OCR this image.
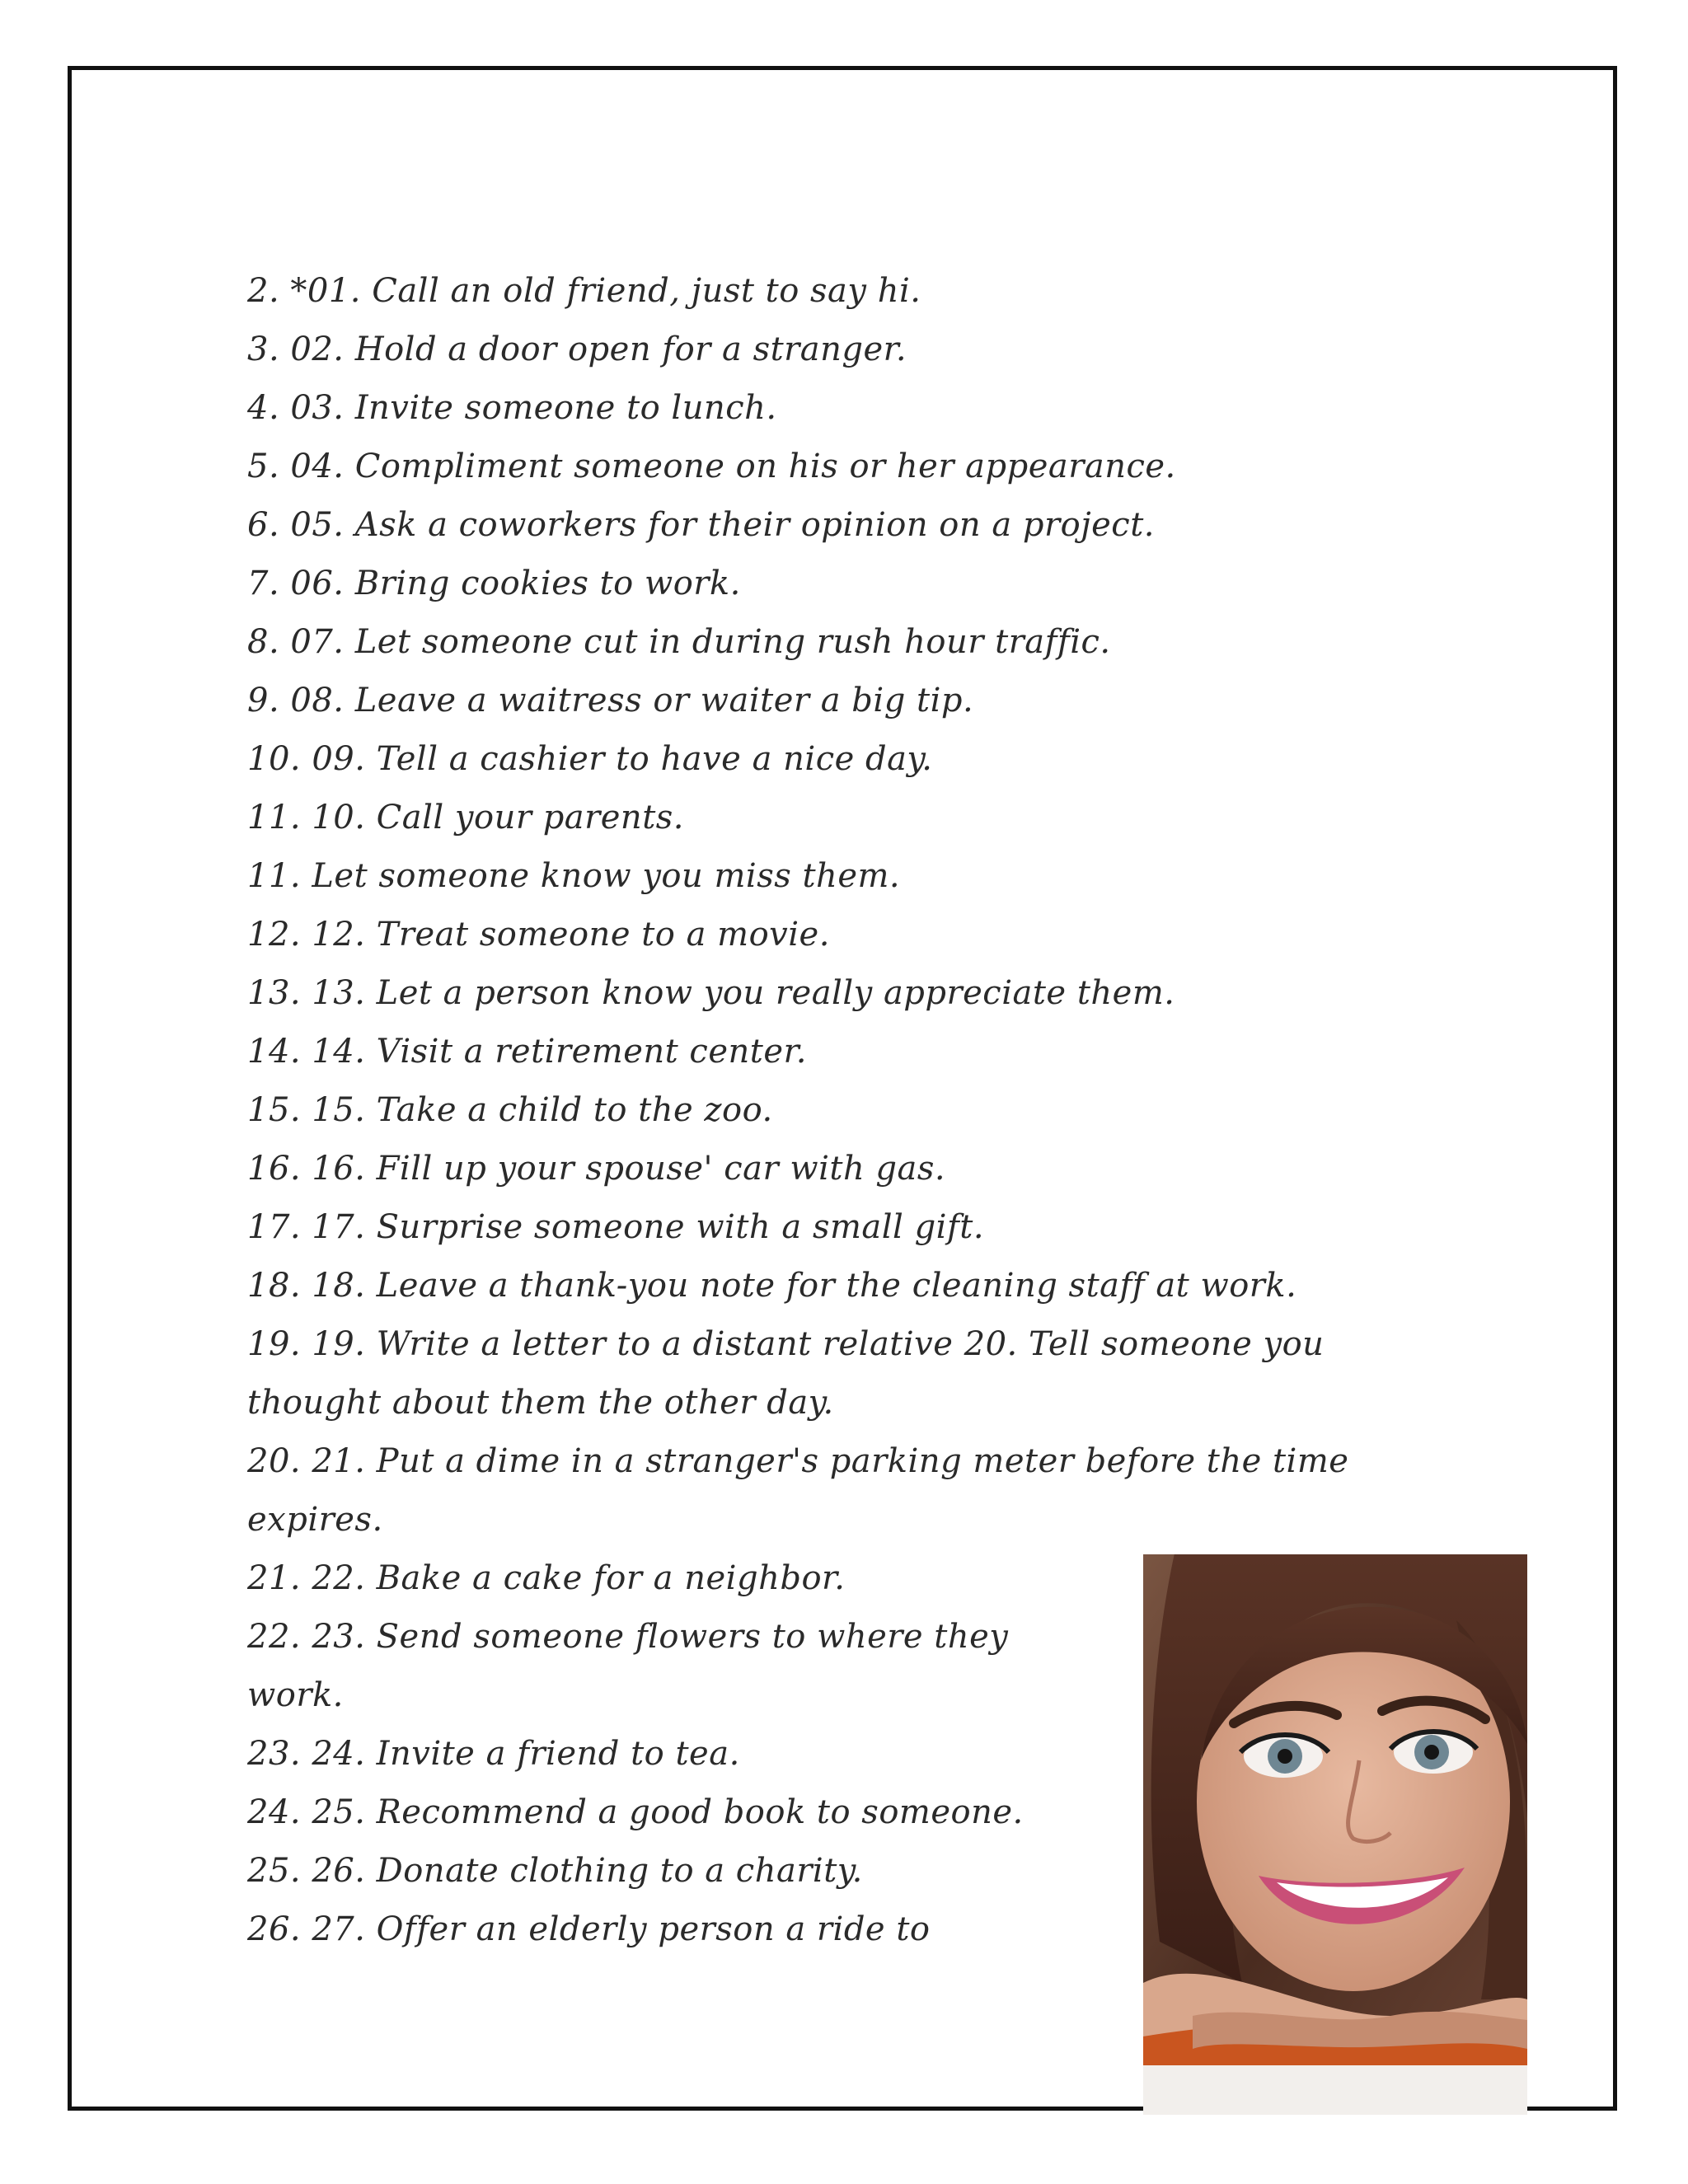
2. *01. Call an old friend, just to say hi.
3. 02. Hold a door open for a stranger.
4. 03. Invite someone to lunch.
5. 04. Compliment someone on his or her appearance.
6. 05. Ask a coworkers for their opinion on a project.
7. 06. Bring cookies to work.
8. 07. Let someone cut in during rush hour traffic.
9. 08. Leave a waitress or waiter a big tip.
10. 09. Tell a cashier to have a nice day.
11. 10. Call your parents.
11. Let someone know you miss them.
12. 12. Treat someone to a movie.
13. 13. Let a person know you really appreciate them.
14. 14. Visit a retirement center.
15. 15. Take a child to the zoo.
16. 16. Fill up your spouse' car with gas.
17. 17. Surprise someone with a small gift.
18. 18. Leave a thank-you note for the cleaning staff at work.
19. 19. Write a letter to a distant relative 20. Tell someone you
thought about them the other day.
20. 21. Put a dime in a stranger's parking meter before the time
expires.
21. 22. Bake a cake for a neighbor.
22. 23. Send someone flowers to where they
work.
23. 24. Invite a friend to tea.
24. 25. Recommend a good book to someone.
25. 26. Donate clothing to a charity.
26. 27. Offer an elderly person a ride to
